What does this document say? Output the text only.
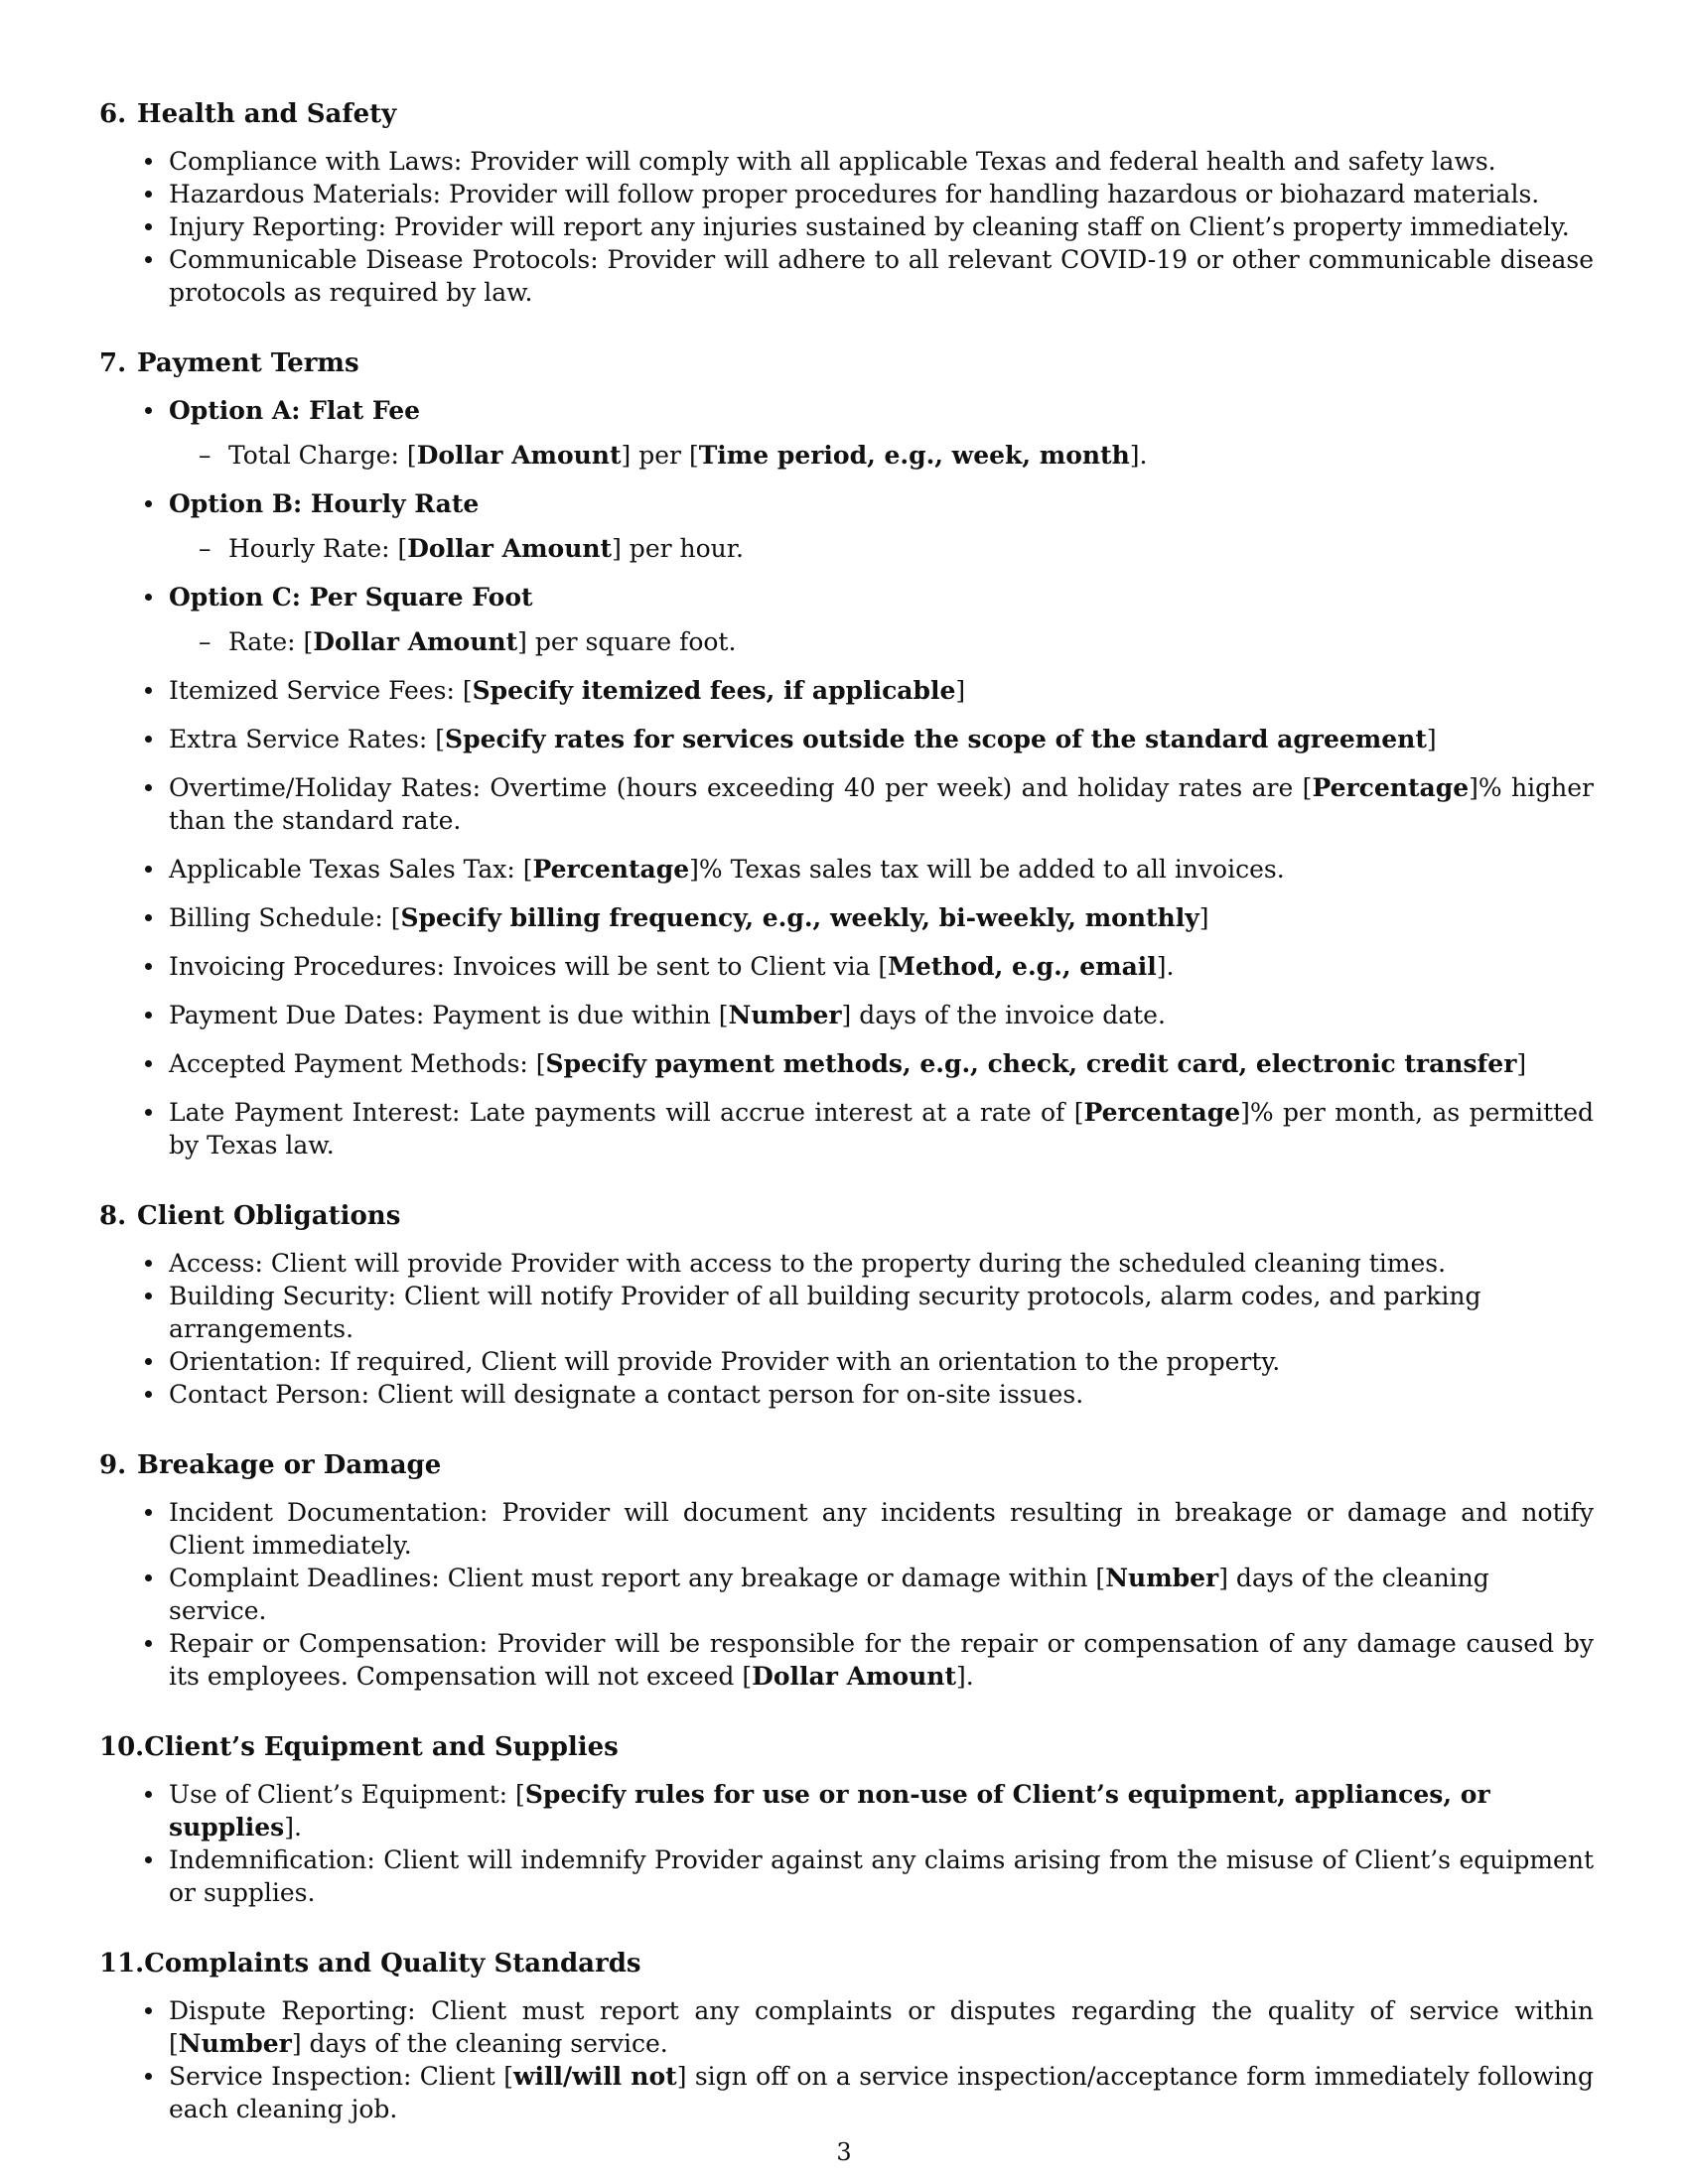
6. Health and Safety
Compliance with Laws: Provider will comply with all applicable Texas and federal health and safety laws.
Hazardous Materials: Provider will follow proper procedures for handling hazardous or biohazard materials.
Injury Reporting: Provider will report any injuries sustained by cleaning staff on Client’s property immediately.
Communicable Disease Protocols: Provider will adhere to all relevant COVID-19 or other communicable disease protocols as required by law.
7. Payment Terms
Option A: Flat Fee
– Total Charge: [Dollar Amount] per [Time period, e.g., week, month].
Option B: Hourly Rate
– Hourly Rate: [Dollar Amount] per hour.
Option C: Per Square Foot
– Rate: [Dollar Amount] per square foot.
Itemized Service Fees: [Specify itemized fees, if applicable]
Extra Service Rates: [Specify rates for services outside the scope of the standard agreement]
Overtime/Holiday Rates: Overtime (hours exceeding 40 per week) and holiday rates are [Percentage]% higher than the standard rate.
Applicable Texas Sales Tax: [Percentage]% Texas sales tax will be added to all invoices.
Billing Schedule: [Specify billing frequency, e.g., weekly, bi-weekly, monthly]
Invoicing Procedures: Invoices will be sent to Client via [Method, e.g., email].
Payment Due Dates: Payment is due within [Number] days of the invoice date.
Accepted Payment Methods: [Specify payment methods, e.g., check, credit card, electronic transfer]
Late Payment Interest: Late payments will accrue interest at a rate of [Percentage]% per month, as permitted by Texas law.
8. Client Obligations
Access: Client will provide Provider with access to the property during the scheduled cleaning times.
Building Security: Client will notify Provider of all building security protocols, alarm codes, and parking arrangements.
Orientation: If required, Client will provide Provider with an orientation to the property.
Contact Person: Client will designate a contact person for on-site issues.
9. Breakage or Damage
Incident Documentation: Provider will document any incidents resulting in breakage or damage and notify Client immediately.
Complaint Deadlines: Client must report any breakage or damage within [Number] days of the cleaning service.
Repair or Compensation: Provider will be responsible for the repair or compensation of any damage caused by its employees. Compensation will not exceed [Dollar Amount].
10.Client’s Equipment and Supplies
Use of Client’s Equipment: [Specify rules for use or non-use of Client’s equipment, appliances, or supplies].
Indemnification: Client will indemnify Provider against any claims arising from the misuse of Client’s equipment or supplies.
11.Complaints and Quality Standards
Dispute Reporting: Client must report any complaints or disputes regarding the quality of service within [Number] days of the cleaning service.
Service Inspection: Client [will/will not] sign off on a service inspection/acceptance form immediately following each cleaning job.
3
